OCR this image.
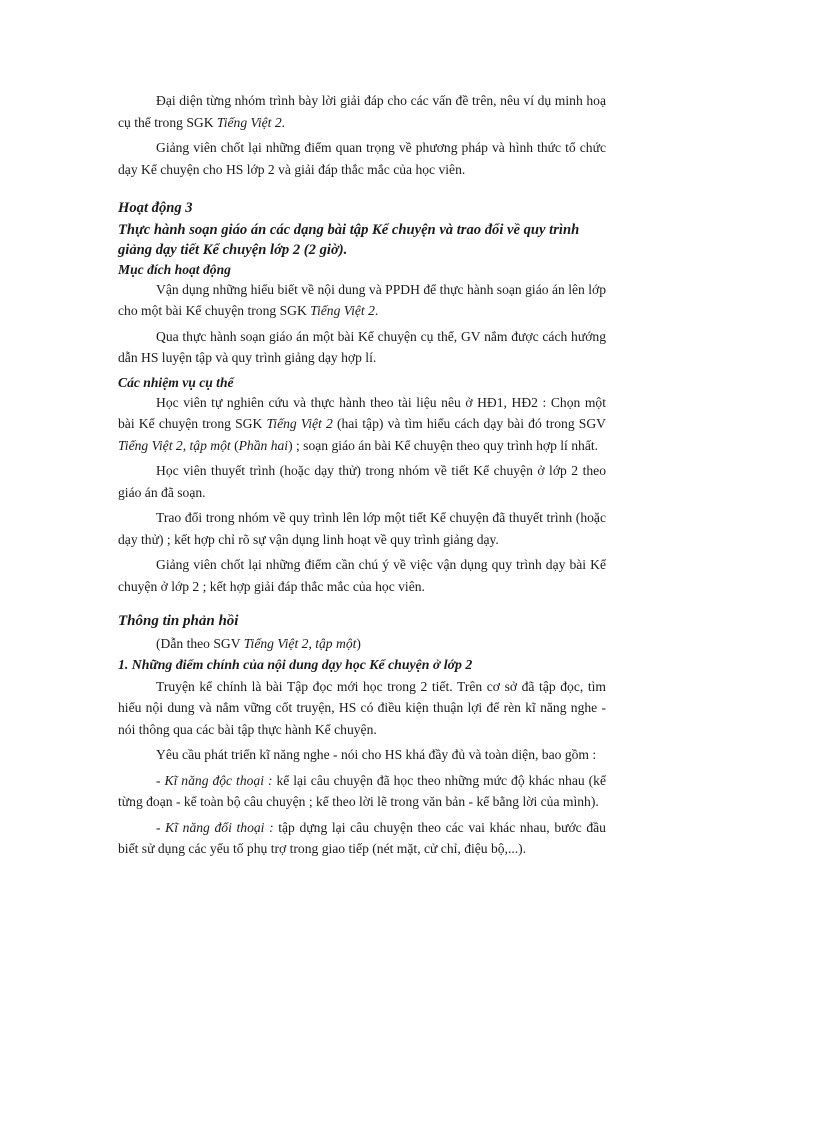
Đại diện từng nhóm trình bày lời giải đáp cho các vấn đề trên, nêu ví dụ minh hoạ cụ thể trong SGK Tiếng Việt 2.

Giảng viên chốt lại những điểm quan trọng về phương pháp và hình thức tổ chức dạy Kể chuyện cho HS lớp 2 và giải đáp thắc mắc của học viên.

Hoạt động 3

Thực hành soạn giáo án các dạng bài tập Kể chuyện và trao đổi về quy trình giảng dạy tiết Kể chuyện lớp 2 (2 giờ).

Mục đích hoạt động

Vận dụng những hiểu biết về nội dung và PPDH để thực hành soạn giáo án lên lớp cho một bài Kể chuyện trong SGK Tiếng Việt 2.

Qua thực hành soạn giáo án một bài Kể chuyện cụ thể, GV nắm được cách hướng dẫn HS luyện tập và quy trình giảng dạy hợp lí.

Các nhiệm vụ cụ thể

Học viên tự nghiên cứu và thực hành theo tài liệu nêu ở HĐ1, HĐ2 : Chọn một bài Kể chuyện trong SGK Tiếng Việt 2 (hai tập) và tìm hiểu cách dạy bài đó trong SGV Tiếng Việt 2, tập một (Phần hai) ; soạn giáo án bài Kể chuyện theo quy trình hợp lí nhất.

Học viên thuyết trình (hoặc dạy thử) trong nhóm về tiết Kể chuyện ở lớp 2 theo giáo án đã soạn.

Trao đổi trong nhóm về quy trình lên lớp một tiết Kể chuyện đã thuyết trình (hoặc dạy thử) ; kết hợp chỉ rõ sự vận dụng linh hoạt về quy trình giảng dạy.

Giảng viên chốt lại những điểm cần chú ý về việc vận dụng quy trình dạy bài Kể chuyện ở lớp 2 ; kết hợp giải đáp thắc mắc của học viên.

Thông tin phản hồi

(Dẫn theo SGV Tiếng Việt 2, tập một)

1. Những điểm chính của nội dung dạy học Kể chuyện ở lớp 2

Truyện kể chính là bài Tập đọc mới học trong 2 tiết. Trên cơ sở đã tập đọc, tìm hiểu nội dung và nắm vững cốt truyện, HS có điều kiện thuận lợi để rèn kĩ năng nghe - nói thông qua các bài tập thực hành Kể chuyện.

Yêu cầu phát triển kĩ năng nghe - nói cho HS khá đầy đủ và toàn diện, bao gồm :

- Kĩ năng độc thoại : kể lại câu chuyện đã học theo những mức độ khác nhau (kể từng đoạn - kể toàn bộ câu chuyện ; kể theo lời lẽ trong văn bản - kể bằng lời của mình).

- Kĩ năng đối thoại : tập dựng lại câu chuyện theo các vai khác nhau, bước đầu biết sử dụng các yếu tố phụ trợ trong giao tiếp (nét mặt, cử chỉ, điệu bộ,...).
